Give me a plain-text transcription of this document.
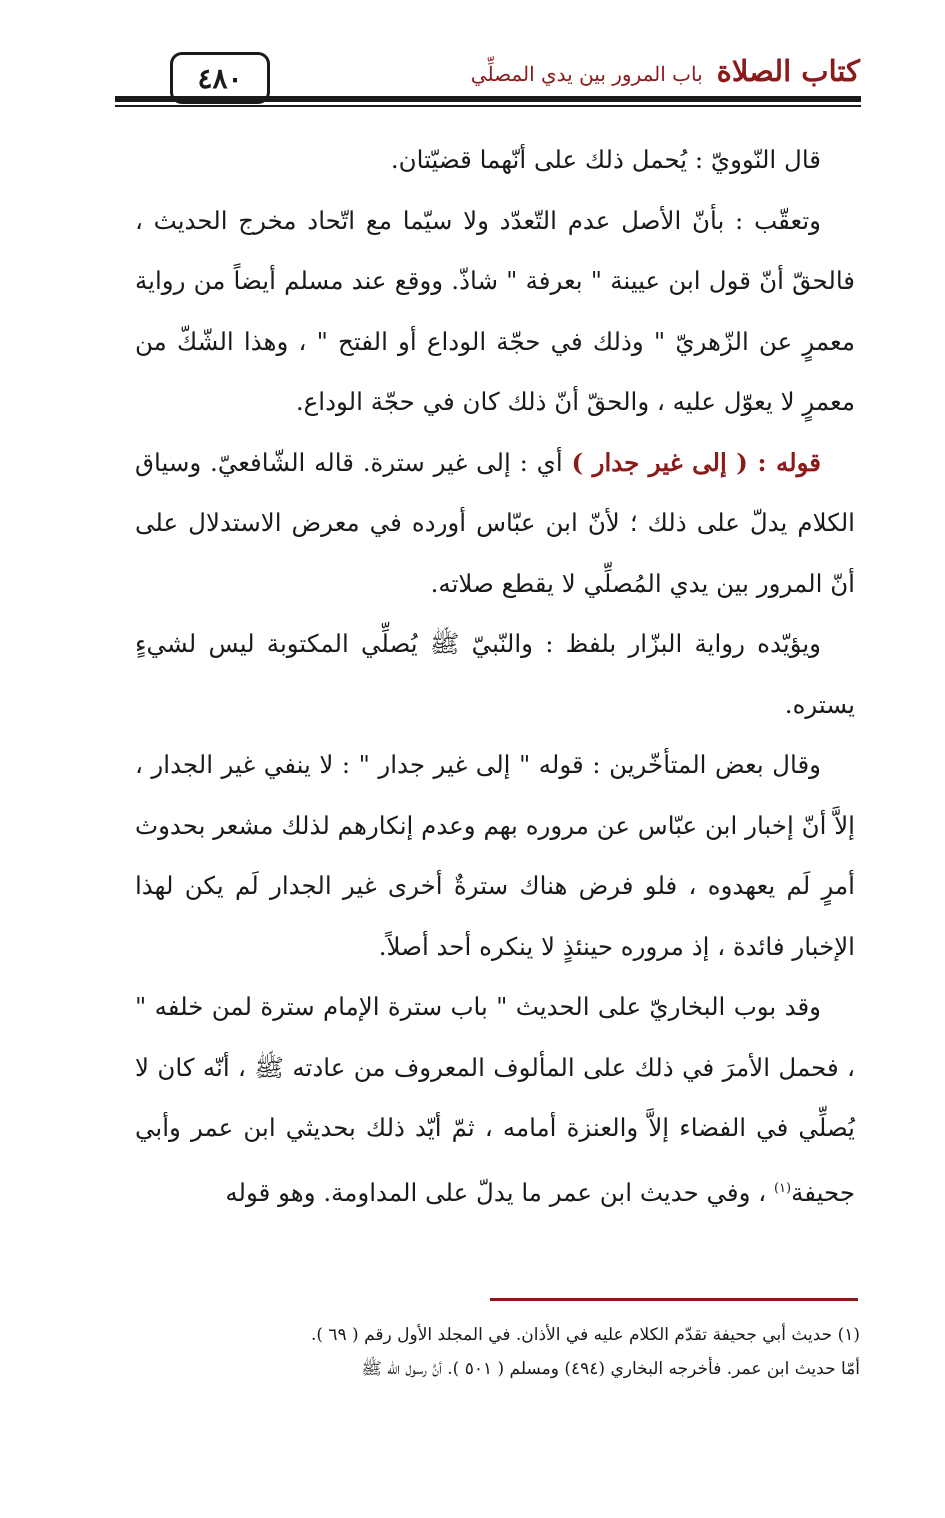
٤٨٠	كتاب الصلاة
باب المرور بين يدي المصلِّي

قال النّوويّ : يُحمل ذلك على أنّهما قضيّتان.

وتعقّب : بأنّ الأصل عدم التّعدّد ولا سيّما مع اتّحاد مخرج الحديث ، فالحقّ أنّ قول ابن عيينة " بعرفة " شاذّ. ووقع عند مسلم أيضاً من رواية معمرٍ عن الزّهريّ " وذلك في حجّة الوداع أو الفتح " ، وهذا الشّكّ من معمرٍ لا يعوّل عليه ، والحقّ أنّ ذلك كان في حجّة الوداع.

قوله : ( إلى غير جدار ) أي : إلى غير سترة. قاله الشّافعيّ. وسياق الكلام يدلّ على ذلك ؛ لأنّ ابن عبّاس أورده في معرض الاستدلال على أنّ المرور بين يدي المُصلِّي لا يقطع صلاته.

ويؤيّده رواية البزّار بلفظ : والنّبيّ ﷺ يُصلِّي المكتوبة ليس لشيءٍ يستره.

وقال بعض المتأخّرين : قوله " إلى غير جدار " : لا ينفي غير الجدار ، إلاَّ أنّ إخبار ابن عبّاس عن مروره بهم وعدم إنكارهم لذلك مشعر بحدوث أمرٍ لَم يعهدوه ، فلو فرض هناك سترةٌ أخرى غير الجدار لَم يكن لهذا الإخبار فائدة ، إذ مروره حينئذٍ لا ينكره أحد أصلاً.

وقد بوب البخاريّ على الحديث " باب سترة الإمام سترة لمن خلفه " ، فحمل الأمرَ في ذلك على المألوف المعروف من عادته ﷺ ، أنّه كان لا يُصلِّي في الفضاء إلاَّ والعنزة أمامه ، ثمّ أيّد ذلك بحديثي ابن عمر وأبي جحيفة$^{(١)}$ ، وفي حديث ابن عمر ما يدلّ على المداومة. وهو قوله

(١) حديث أبي جحيفة تقدّم الكلام عليه في الأذان. في المجلد الأول رقم ( ٦٩ ).

أمّا حديث ابن عمر. فأخرجه البخاري (٤٩٤) ومسلم ( ٥٠١ ). أنَّ رسول الله ﷺ
